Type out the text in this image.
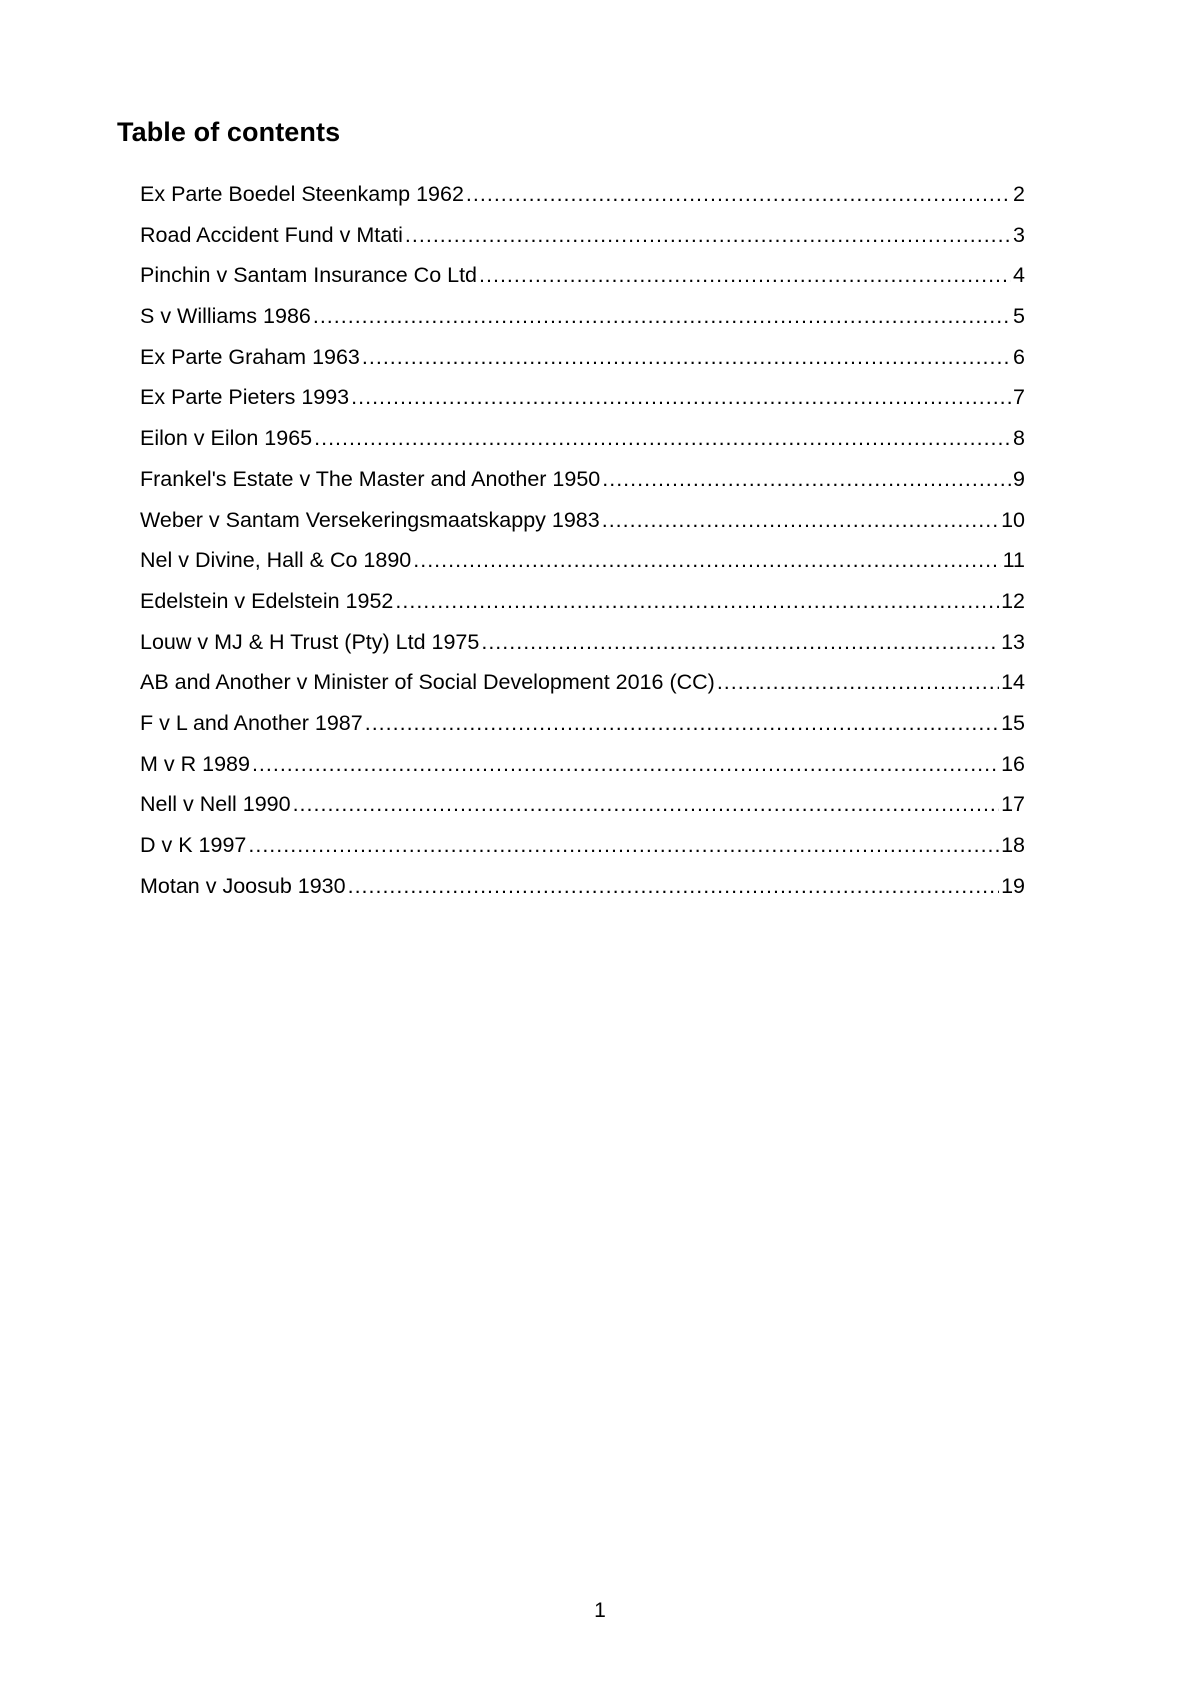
Table of contents
Ex Parte Boedel Steenkamp 1962 .....	2
Road Accident Fund v Mtati .....	3
Pinchin v Santam Insurance Co Ltd .....	4
S v Williams 1986 .....	5
Ex Parte Graham 1963 .....	6
Ex Parte Pieters 1993 .....	7
Eilon v Eilon 1965 .....	8
Frankel's Estate v The Master and Another 1950 .....	9
Weber v Santam Versekeringsmaatskappy 1983 .....	10
Nel v Divine, Hall & Co 1890 .....	11
Edelstein v Edelstein 1952 .....	12
Louw v MJ & H Trust (Pty) Ltd 1975 .....	13
AB and Another v Minister of Social Development 2016 (CC) .....	14
F v L and Another 1987 .....	15
M v R 1989 .....	16
Nell v Nell 1990 .....	17
D v K 1997 .....	18
Motan v Joosub 1930 .....	19
1
